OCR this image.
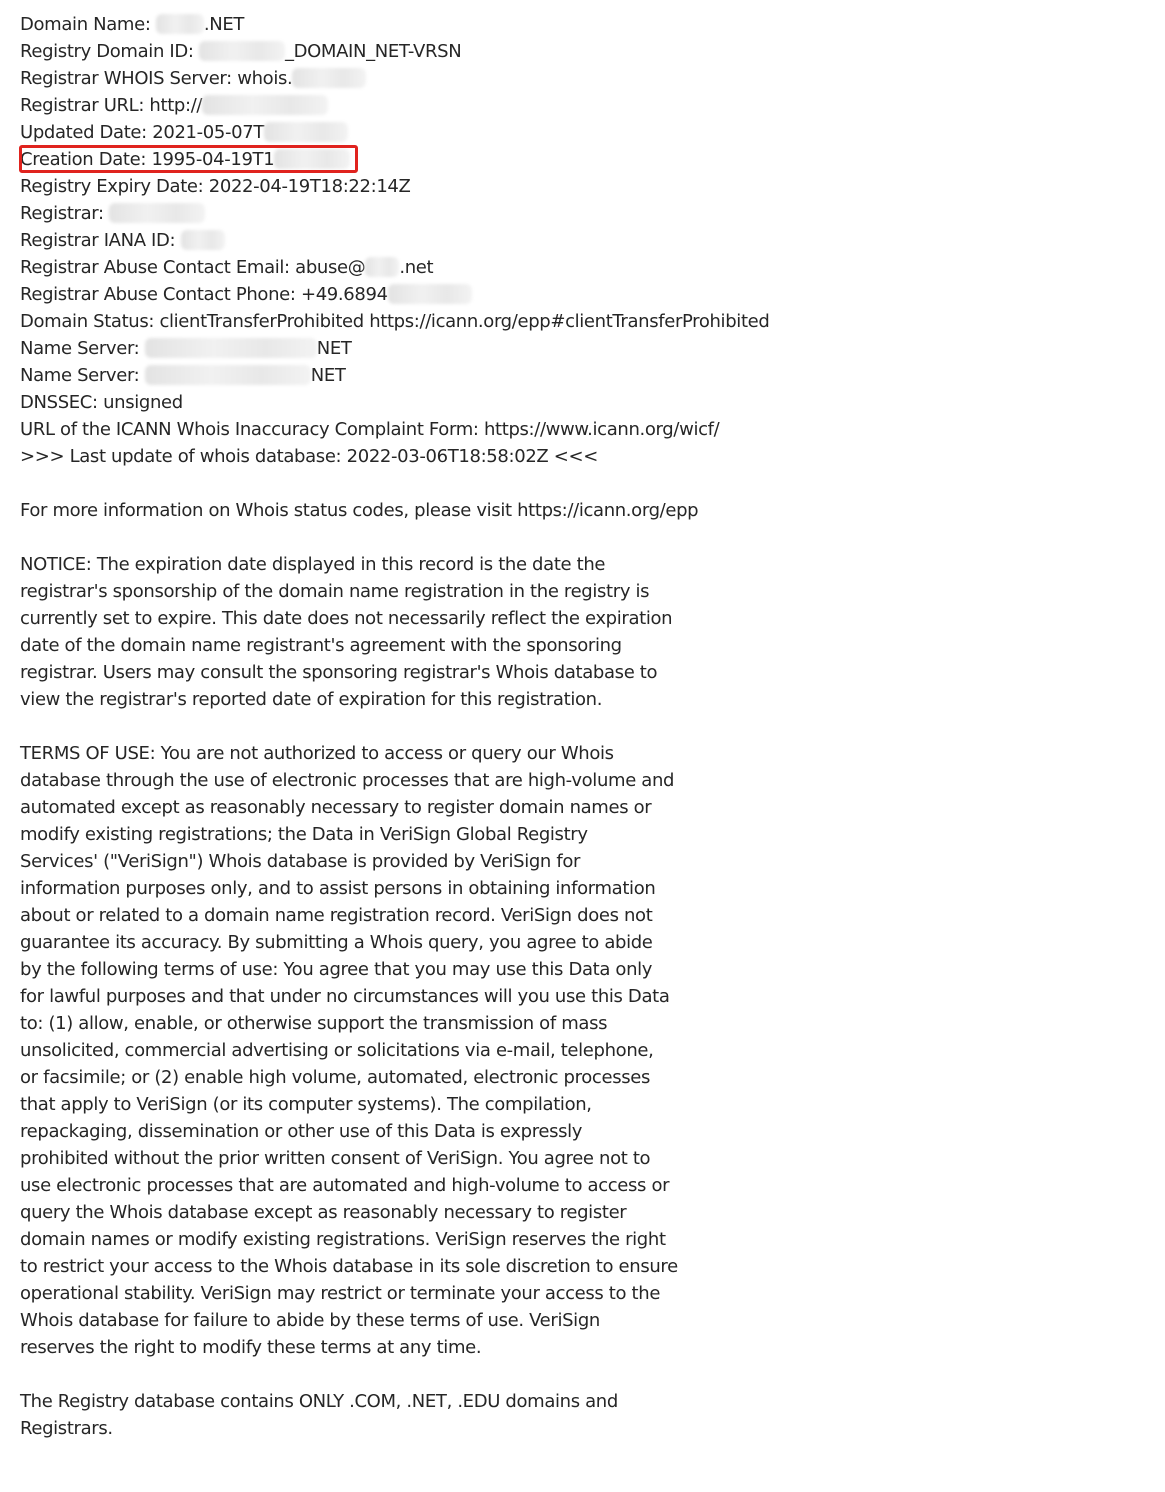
Domain Name:	.NET
Registry Domain ID:	_DOMAIN_NET-VRSN
Registrar WHOIS Server: whois.
Registrar URL: http://
Updated Date: 2021-05-07T
Creation Date: 1995-04-19T1
Registry Expiry Date: 2022-04-19T18:22:14Z
Registrar:
Registrar IANA ID:
Registrar Abuse Contact Email: abuse@ .net
Registrar Abuse Contact Phone: +49.6894
Domain Status: clientTransferProhibited https://icann.org/epp#clientTransferProhibited
Name Server:	NET
Name Server:	NET
DNSSEC: unsigned
URL of the ICANN Whois Inaccuracy Complaint Form: https://www.icann.org/wicf/
>>> Last update of whois database: 2022-03-06T18:58:02Z <<<
For more information on Whois status codes, please visit https://icann.org/epp
NOTICE: The expiration date displayed in this record is the date the
registrar's sponsorship of the domain name registration in the registry is
currently set to expire. This date does not necessarily reflect the expiration
date of the domain name registrant's agreement with the sponsoring
registrar. Users may consult the sponsoring registrar's Whois database to
view the registrar's reported date of expiration for this registration.
TERMS OF USE: You are not authorized to access or query our Whois
database through the use of electronic processes that are high-volume and
automated except as reasonably necessary to register domain names or
modify existing registrations; the Data in VeriSign Global Registry
Services' ("VeriSign") Whois database is provided by VeriSign for
information purposes only, and to assist persons in obtaining information
about or related to a domain name registration record. VeriSign does not
guarantee its accuracy. By submitting a Whois query, you agree to abide
by the following terms of use: You agree that you may use this Data only
for lawful purposes and that under no circumstances will you use this Data
to: (1) allow, enable, or otherwise support the transmission of mass
unsolicited, commercial advertising or solicitations via e-mail, telephone,
or facsimile; or (2) enable high volume, automated, electronic processes
that apply to VeriSign (or its computer systems). The compilation,
repackaging, dissemination or other use of this Data is expressly
prohibited without the prior written consent of VeriSign. You agree not to
use electronic processes that are automated and high-volume to access or
query the Whois database except as reasonably necessary to register
domain names or modify existing registrations. VeriSign reserves the right
to restrict your access to the Whois database in its sole discretion to ensure
operational stability. VeriSign may restrict or terminate your access to the
Whois database for failure to abide by these terms of use. VeriSign
reserves the right to modify these terms at any time.
The Registry database contains ONLY .COM, .NET, .EDU domains and
Registrars.
